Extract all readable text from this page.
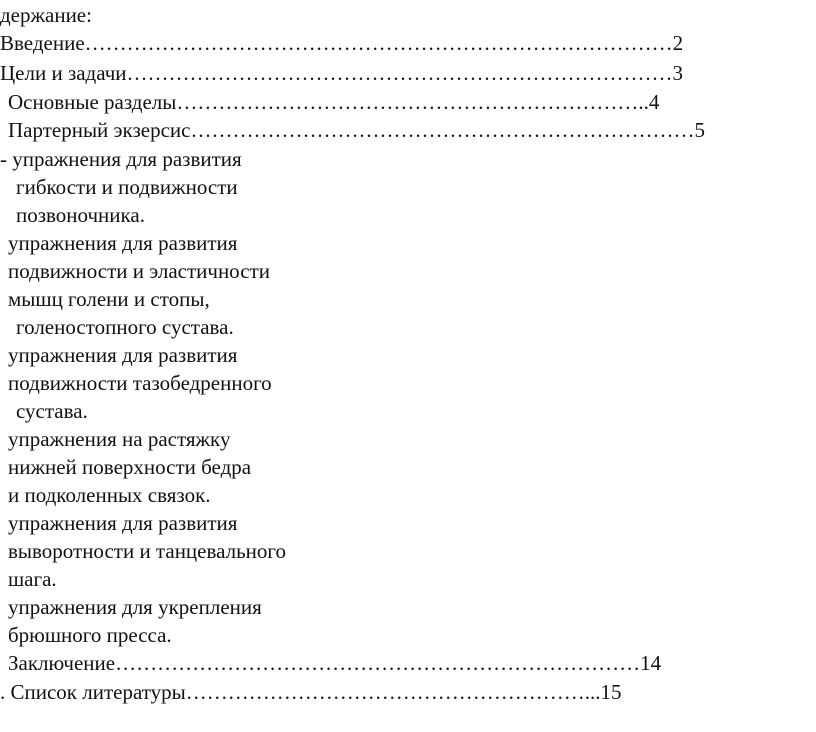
держание:
Введение…………………………………………………………………………2
Цели и задачи……………………………………………………………………3
Основные разделы…………………………………………………………..4
Партерный экзерсис………………………………………………………………5
- упражнения для развития
гибкости и подвижности
позвоночника.
упражнения для развития
подвижности и эластичности
мышц голени и стопы,
голеностопного сустава.
упражнения для развития
подвижности тазобедренного
сустава.
упражнения на растяжку
нижней поверхности бедра
и подколенных связок.
упражнения для развития
выворотности и танцевального
шага.
упражнения для укрепления
брюшного пресса.
Заключение…………………………………………………………………14
. Список литературы…………………………………………………...15
